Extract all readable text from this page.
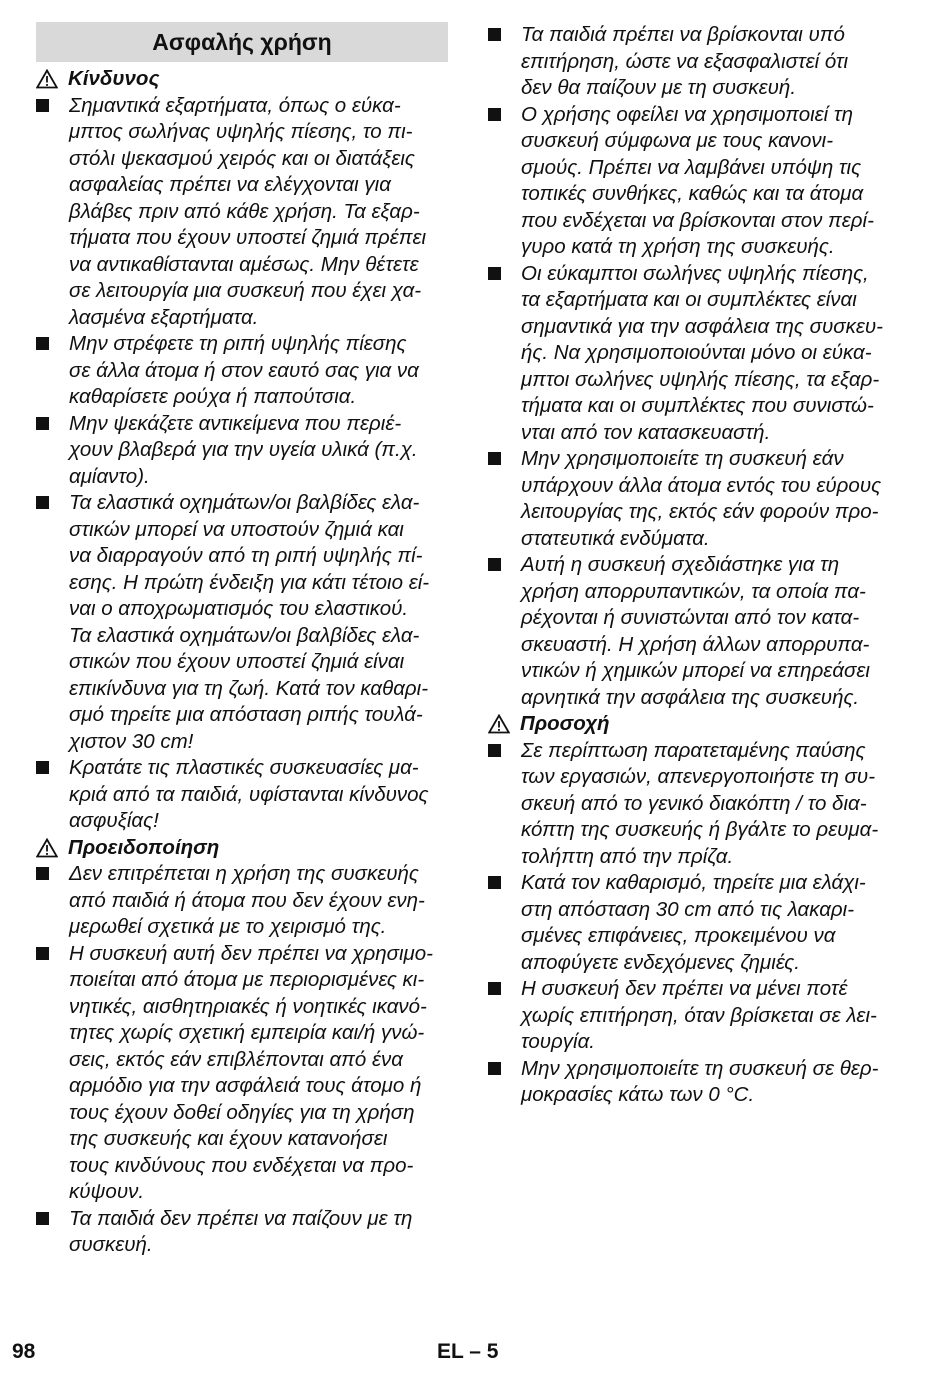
Ασφαλής χρήση
Κίνδυνος

Σημαντικά εξαρτήματα, όπως ο εύκα-
μπτος σωλήνας υψηλής πίεσης, το πι-
στόλι ψεκασμού χειρός και οι διατάξεις
ασφαλείας πρέπει να ελέγχονται για
βλάβες πριν από κάθε χρήση. Τα εξαρ-
τήματα που έχουν υποστεί ζημιά πρέπει
να αντικαθίστανται αμέσως. Μην θέτετε
σε λειτουργία μια συσκευή που έχει χα-
λασμένα εξαρτήματα.

Μην στρέφετε τη ριπή υψηλής πίεσης
σε άλλα άτομα ή στον εαυτό σας για να
καθαρίσετε ρούχα ή παπούτσια.

Μην ψεκάζετε αντικείμενα που περιέ-
χουν βλαβερά για την υγεία υλικά (π.χ.
αμίαντο).

Τα ελαστικά οχημάτων/οι βαλβίδες ελα-
στικών μπορεί να υποστούν ζημιά και
να διαρραγούν από τη ριπή υψηλής πί-
εσης. Η πρώτη ένδειξη για κάτι τέτοιο εί-
ναι ο αποχρωματισμός του ελαστικού.
Τα ελαστικά οχημάτων/οι βαλβίδες ελα-
στικών που έχουν υποστεί ζημιά είναι
επικίνδυνα για τη ζωή. Κατά τον καθαρι-
σμό τηρείτε μια απόσταση ριπής τουλά-
χιστον 30 cm!

Κρατάτε τις πλαστικές συσκευασίες μα-
κριά από τα παιδιά, υφίστανται κίνδυνος
ασφυξίας!

Προειδοποίηση

Δεν επιτρέπεται η χρήση της συσκευής
από παιδιά ή άτομα που δεν έχουν ενη-
μερωθεί σχετικά με το χειρισμό της.

Η συσκευή αυτή δεν πρέπει να χρησιμο-
ποιείται από άτομα με περιορισμένες κι-
νητικές, αισθητηριακές ή νοητικές ικανό-
τητες χωρίς σχετική εμπειρία και/ή γνώ-
σεις, εκτός εάν επιβλέπονται από ένα
αρμόδιο για την ασφάλειά τους άτομο ή
τους έχουν δοθεί οδηγίες για τη χρήση
της συσκευής και έχουν κατανοήσει
τους κινδύνους που ενδέχεται να προ-
κύψουν.

Τα παιδιά δεν πρέπει να παίζουν με τη
συσκευή.

Τα παιδιά πρέπει να βρίσκονται υπό
επιτήρηση, ώστε να εξασφαλιστεί ότι
δεν θα παίζουν με τη συσκευή.

Ο χρήσης οφείλει να χρησιμοποιεί τη
συσκευή σύμφωνα με τους κανονι-
σμούς. Πρέπει να λαμβάνει υπόψη τις
τοπικές συνθήκες, καθώς και τα άτομα
που ενδέχεται να βρίσκονται στον περί-
γυρο κατά τη χρήση της συσκευής.

Οι εύκαμπτοι σωλήνες υψηλής πίεσης,
τα εξαρτήματα και οι συμπλέκτες είναι
σημαντικά για την ασφάλεια της συσκευ-
ής. Να χρησιμοποιούνται μόνο οι εύκα-
μπτοι σωλήνες υψηλής πίεσης, τα εξαρ-
τήματα και οι συμπλέκτες που συνιστώ-
νται από τον κατασκευαστή.

Μην χρησιμοποιείτε τη συσκευή εάν
υπάρχουν άλλα άτομα εντός του εύρους
λειτουργίας της, εκτός εάν φορούν προ-
στατευτικά ενδύματα.

Αυτή η συσκευή σχεδιάστηκε για τη
χρήση απορρυπαντικών, τα οποία πα-
ρέχονται ή συνιστώνται από τον κατα-
σκευαστή. Η χρήση άλλων απορρυπα-
ντικών ή χημικών μπορεί να επηρεάσει
αρνητικά την ασφάλεια της συσκευής.

Προσοχή

Σε περίπτωση παρατεταμένης παύσης
των εργασιών, απενεργοποιήστε τη συ-
σκευή από το γενικό διακόπτη / το δια-
κόπτη της συσκευής ή βγάλτε το ρευμα-
τολήπτη από την πρίζα.

Κατά τον καθαρισμό, τηρείτε μια ελάχι-
στη απόσταση 30 cm από τις λακαρι-
σμένες επιφάνειες, προκειμένου να
αποφύγετε ενδεχόμενες ζημιές.

Η συσκευή δεν πρέπει να μένει ποτέ
χωρίς επιτήρηση, όταν βρίσκεται σε λει-
τουργία.

Μην χρησιμοποιείτε τη συσκευή σε θερ-
μοκρασίες κάτω των 0 °C.

98	EL – 5
